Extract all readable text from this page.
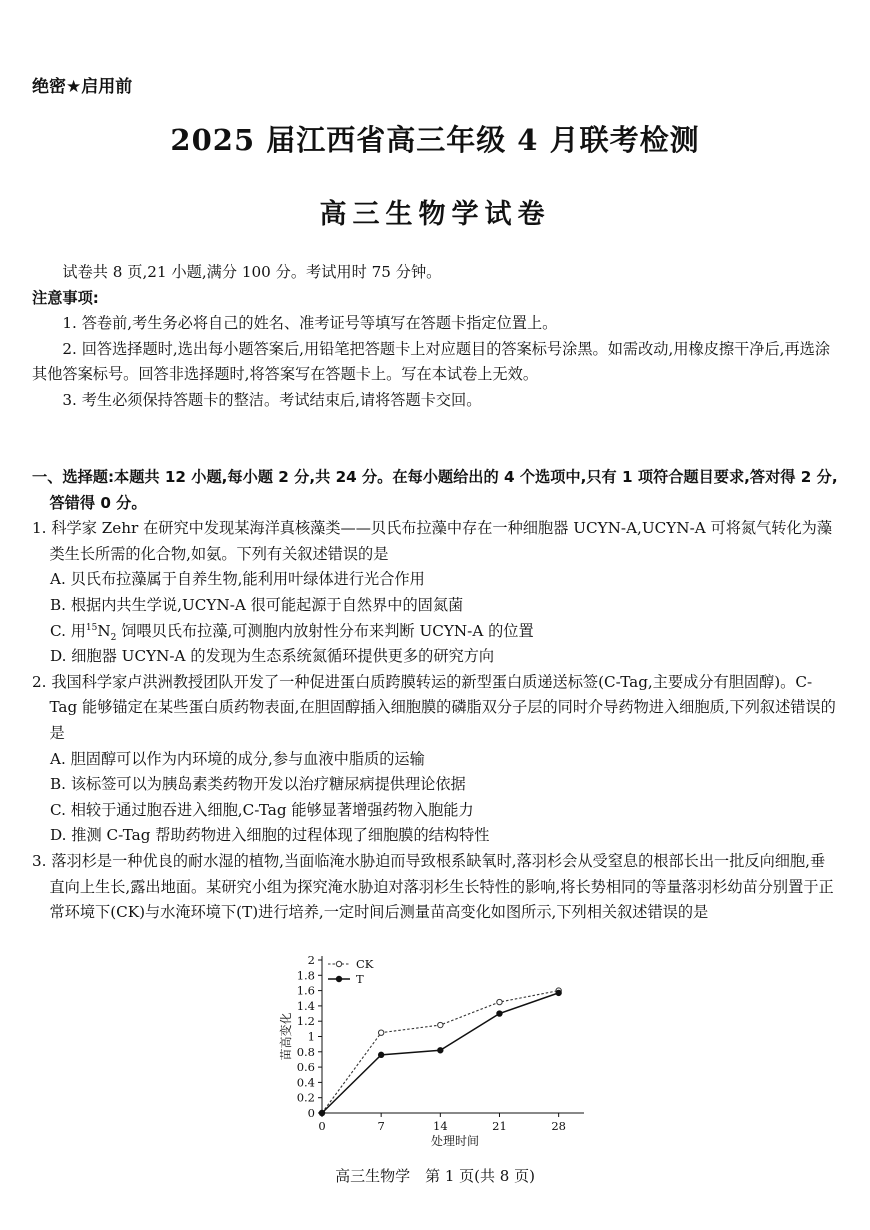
绝密★启用前
2025 届江西省高三年级 4 月联考检测
高三生物学试卷

试卷共 8 页,21 小题,满分 100 分。考试用时 75 分钟。

注意事项:

1. 答卷前,考生务必将自己的姓名、准考证号等填写在答题卡指定位置上。

2. 回答选择题时,选出每小题答案后,用铅笔把答题卡上对应题目的答案标号涂黑。如需改动,用橡皮擦干净后,再选涂其他答案标号。回答非选择题时,将答案写在答题卡上。写在本试卷上无效。

3. 考生必须保持答题卡的整洁。考试结束后,请将答题卡交回。

一、选择题:本题共 12 小题,每小题 2 分,共 24 分。在每小题给出的 4 个选项中,只有 1 项符合题目要求,答对得 2 分,答错得 0 分。

1. 科学家 Zehr 在研究中发现某海洋真核藻类——贝氏布拉藻中存在一种细胞器 UCYN-A,UCYN-A 可将氮气转化为藻类生长所需的化合物,如氨。下列有关叙述错误的是

A. 贝氏布拉藻属于自养生物,能利用叶绿体进行光合作用

B. 根据内共生学说,UCYN-A 很可能起源于自然界中的固氮菌

C. 用$^{15}N_2$ 饲喂贝氏布拉藻,可测胞内放射性分布来判断 UCYN-A 的位置

D. 细胞器 UCYN-A 的发现为生态系统氮循环提供更多的研究方向

2. 我国科学家卢洪洲教授团队开发了一种促进蛋白质跨膜转运的新型蛋白质递送标签(C-Tag,主要成分有胆固醇)。C-Tag 能够锚定在某些蛋白质药物表面,在胆固醇插入细胞膜的磷脂双分子层的同时介导药物进入细胞质,下列叙述错误的是

A. 胆固醇可以作为内环境的成分,参与血液中脂质的运输

B. 该标签可以为胰岛素类药物开发以治疗糖尿病提供理论依据

C. 相较于通过胞吞进入细胞,C-Tag 能够显著增强药物入胞能力

D. 推测 C-Tag 帮助药物进入细胞的过程体现了细胞膜的结构特性

3. 落羽杉是一种优良的耐水湿的植物,当面临淹水胁迫而导致根系缺氧时,落羽杉会从受窒息的根部长出一批反向细胞,垂直向上生长,露出地面。某研究小组为探究淹水胁迫对落羽杉生长特性的影响,将长势相同的等量落羽杉幼苗分别置于正常环境下(CK)与水淹环境下(T)进行培养,一定时间后测量苗高变化如图所示,下列相关叙述错误的是

0
0.2
0.4
0.6
0.8
1
1.2
1.4
1.6
1.8
2
0	7	14	21	28
处理时间
苗高变化
CK
T
高三生物学　第 1 页(共 8 页)
